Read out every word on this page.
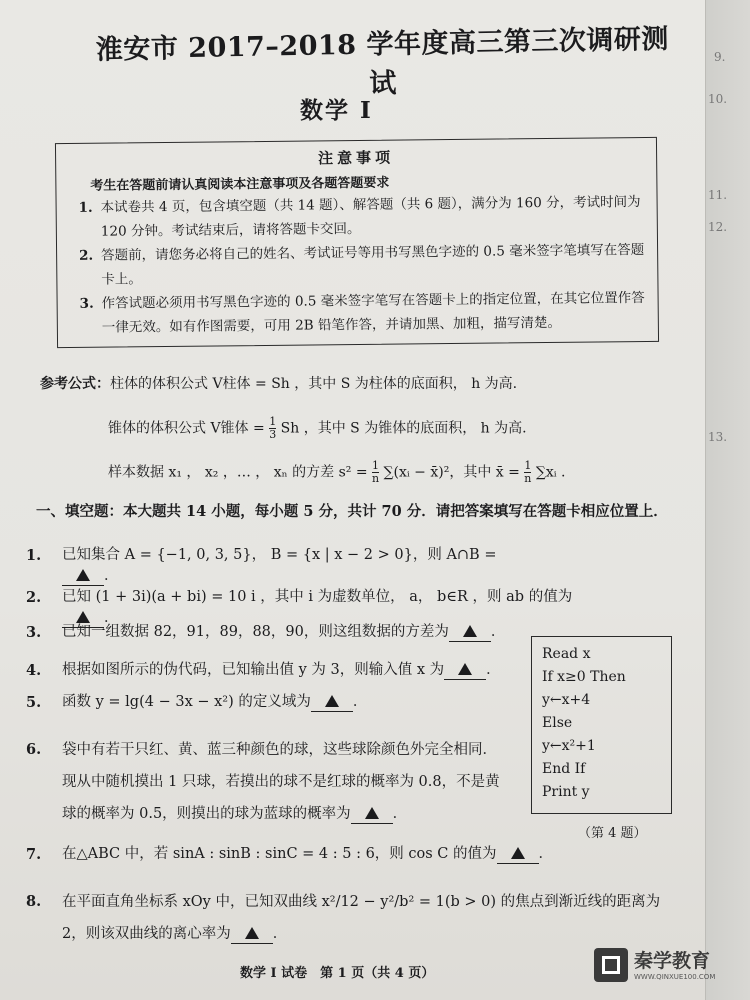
9.
10.
11.
12.
13.
淮安市 2017–2018 学年度高三第三次调研测试
数学 I
注意事项
考生在答题前请认真阅读本注意事项及各题答题要求
1. 本试卷共 4 页，包含填空题（共 14 题）、解答题（共 6 题），满分为 160 分，考试时间为 120 分钟。考试结束后，请将答题卡交回。
2. 答题前，请您务必将自己的姓名、考试证号等用书写黑色字迹的 0.5 毫米签字笔填写在答题卡上。
3. 作答试题必须用书写黑色字迹的 0.5 毫米签字笔写在答题卡上的指定位置，在其它位置作答一律无效。如有作图需要，可用 2B 铅笔作答，并请加黑、加粗，描写清楚。
参考公式：柱体的体积公式 V柱体 = Sh ，其中 S 为柱体的底面积， h 为高.
锥体的体积公式 V锥体 = $\frac{1}{3}$ Sh ，其中 S 为锥体的底面积， h 为高.
样本数据 x₁ ， x₂ ，… ， xₙ 的方差 $s^2 = \frac{1}{n}$ ∑(xᵢ − x̄)²，其中 x̄ = $\frac{1}{n}$ ∑xᵢ .
一、填空题：本大题共 14 小题，每小题 5 分，共计 70 分．请把答案填写在答题卡相应位置上．
1.	已知集合 A = {−1, 0, 3, 5}， B = {x | x − 2 > 0}，则 A∩B = ．
2.	已知 (1 + 3i)(a + bi) = 10 i ，其中 i 为虚数单位， a， b∈R ，则 ab 的值为．
3.	已知一组数据 82，91，89，88，90，则这组数据的方差为	．
4.	根据如图所示的伪代码，已知输出值 y 为 3，则输入值 x 为	．
5.	函数 y = lg(4 − 3x − x²) 的定义域为	．
6.	袋中有若干只红、黄、蓝三种颜色的球，这些球除颜色外完全相同．现从中随机摸出 1 只球，若摸出的球不是红球的概率为 0.8，不是黄球的概率为 0.5，则摸出的球为蓝球的概率为	．
7.	在△ABC 中，若 sinA : sinB : sinC = 4 : 5 : 6，则 cos C 的值为	．
8.	在平面直角坐标系 xOy 中，已知双曲线 x²/12 − y²/b² = 1(b > 0) 的焦点到渐近线的距离为 2，则该双曲线的离心率为	．
Read x
If x≥0 Then
y←x+4
Else
y←x²+1
End If
Print y
（第 4 题）
数学 I 试卷　第 1 页（共 4 页）
秦学教育
WWW.QINXUE100.COM
